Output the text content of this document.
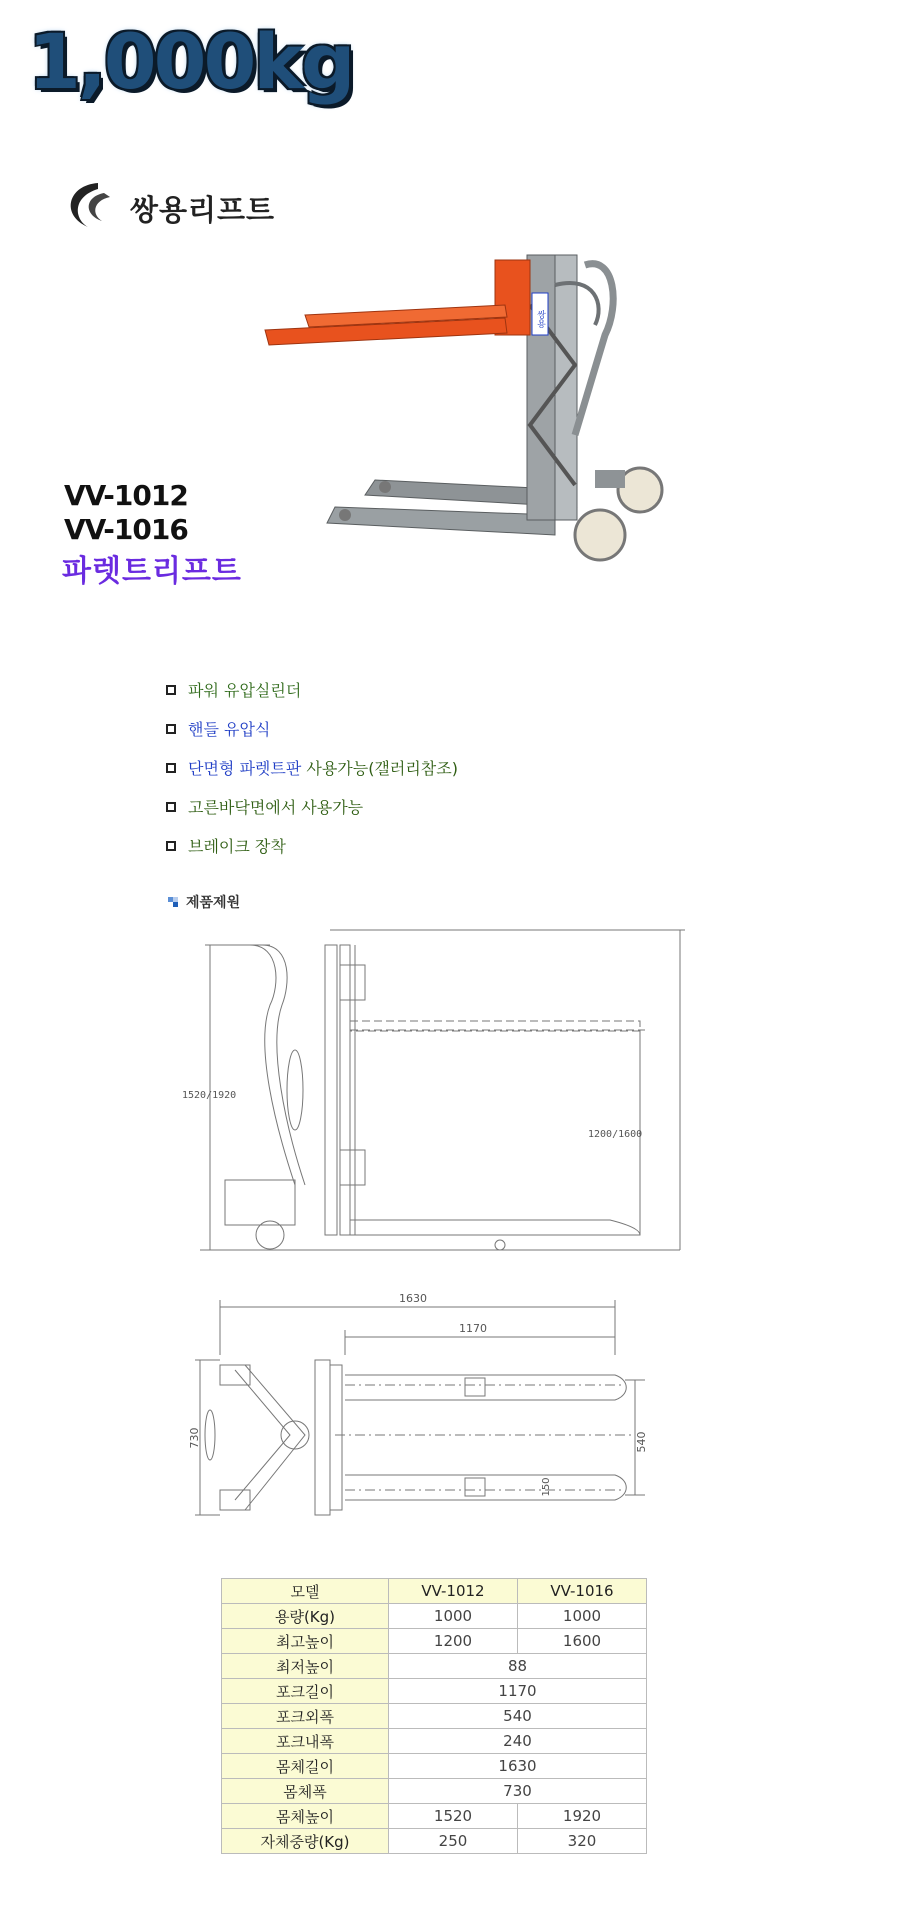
1,000kg
쌍용리프트
쌍용
VV-1012
VV-1016
파렛트리프트
파워 유압실린더
핸들 유압식
단면형 파렛트판 사용가능(갤러리참조)
고른바닥면에서 사용가능
브레이크 장착
제품제원
1520/1920
1200/1600
1630
1170
730	540
150
모델	VV-1012	VV-1016
용량(Kg)	1000	1000
최고높이	1200	1600
최저높이	88	
포크길이	1170	
포크외폭	540	
포크내폭	240	
몸체길이	1630	
몸체폭	730	
몸체높이	1520	1920
자체중량(Kg)	250	320
